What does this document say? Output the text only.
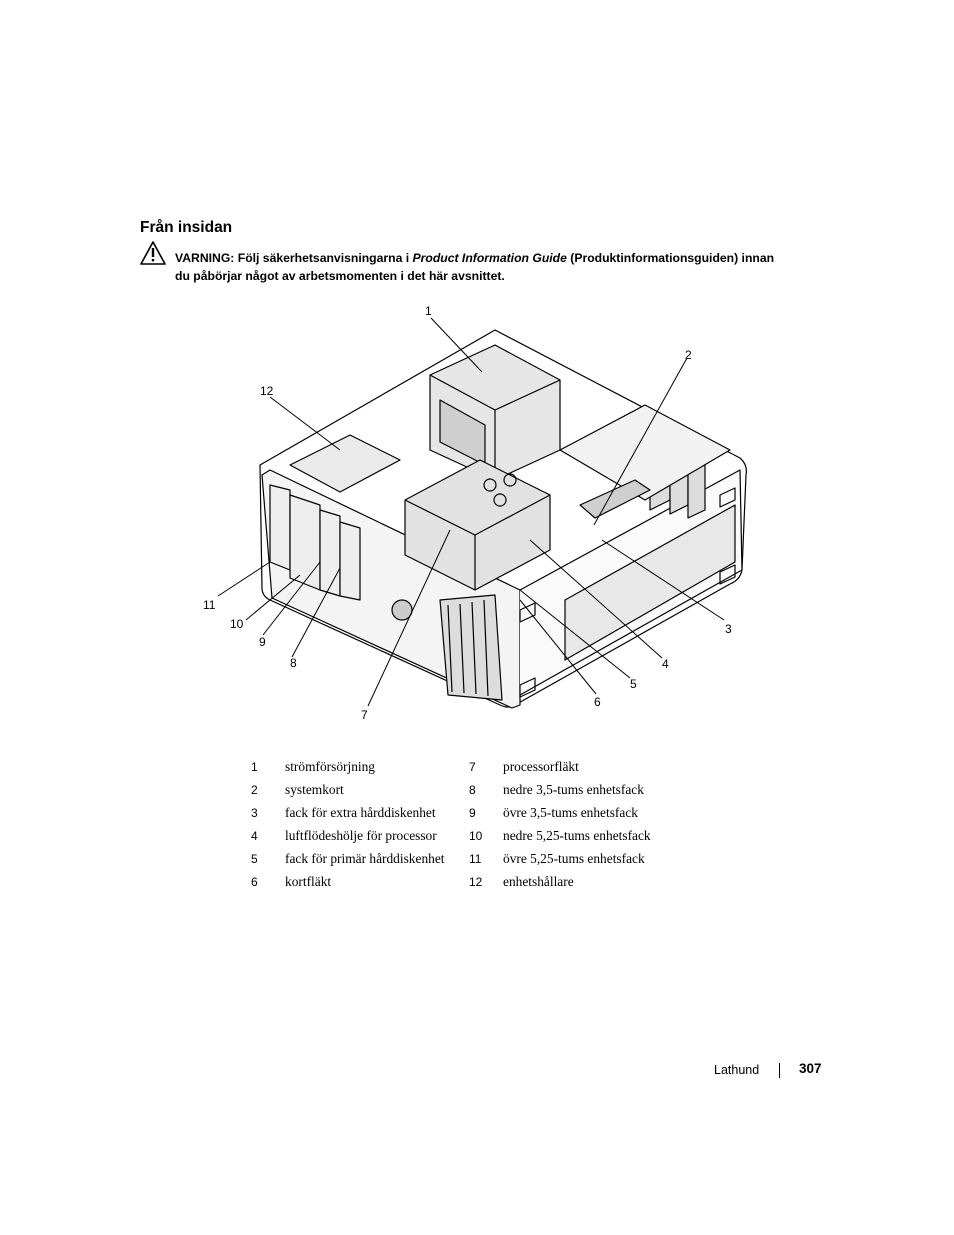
Från insidan
VARNING: Följ säkerhetsanvisningarna i Product Information Guide (Produktinformationsguiden) innan du påbörjar något av arbetsmomenten i det här avsnittet.
1
2
3
4
5
6
7
8
9
10
11
12
1	strömförsörjning	7	processorfläkt
2	systemkort	8	nedre 3,5-tums enhetsfack
3	fack för extra hårddiskenhet	9	övre 3,5-tums enhetsfack
4	luftflödeshölje för processor	10	nedre 5,25-tums enhetsfack
5	fack för primär hårddiskenhet	11	övre 5,25-tums enhetsfack
6	kortfläkt	12	enhetshållare
Lathund	307
